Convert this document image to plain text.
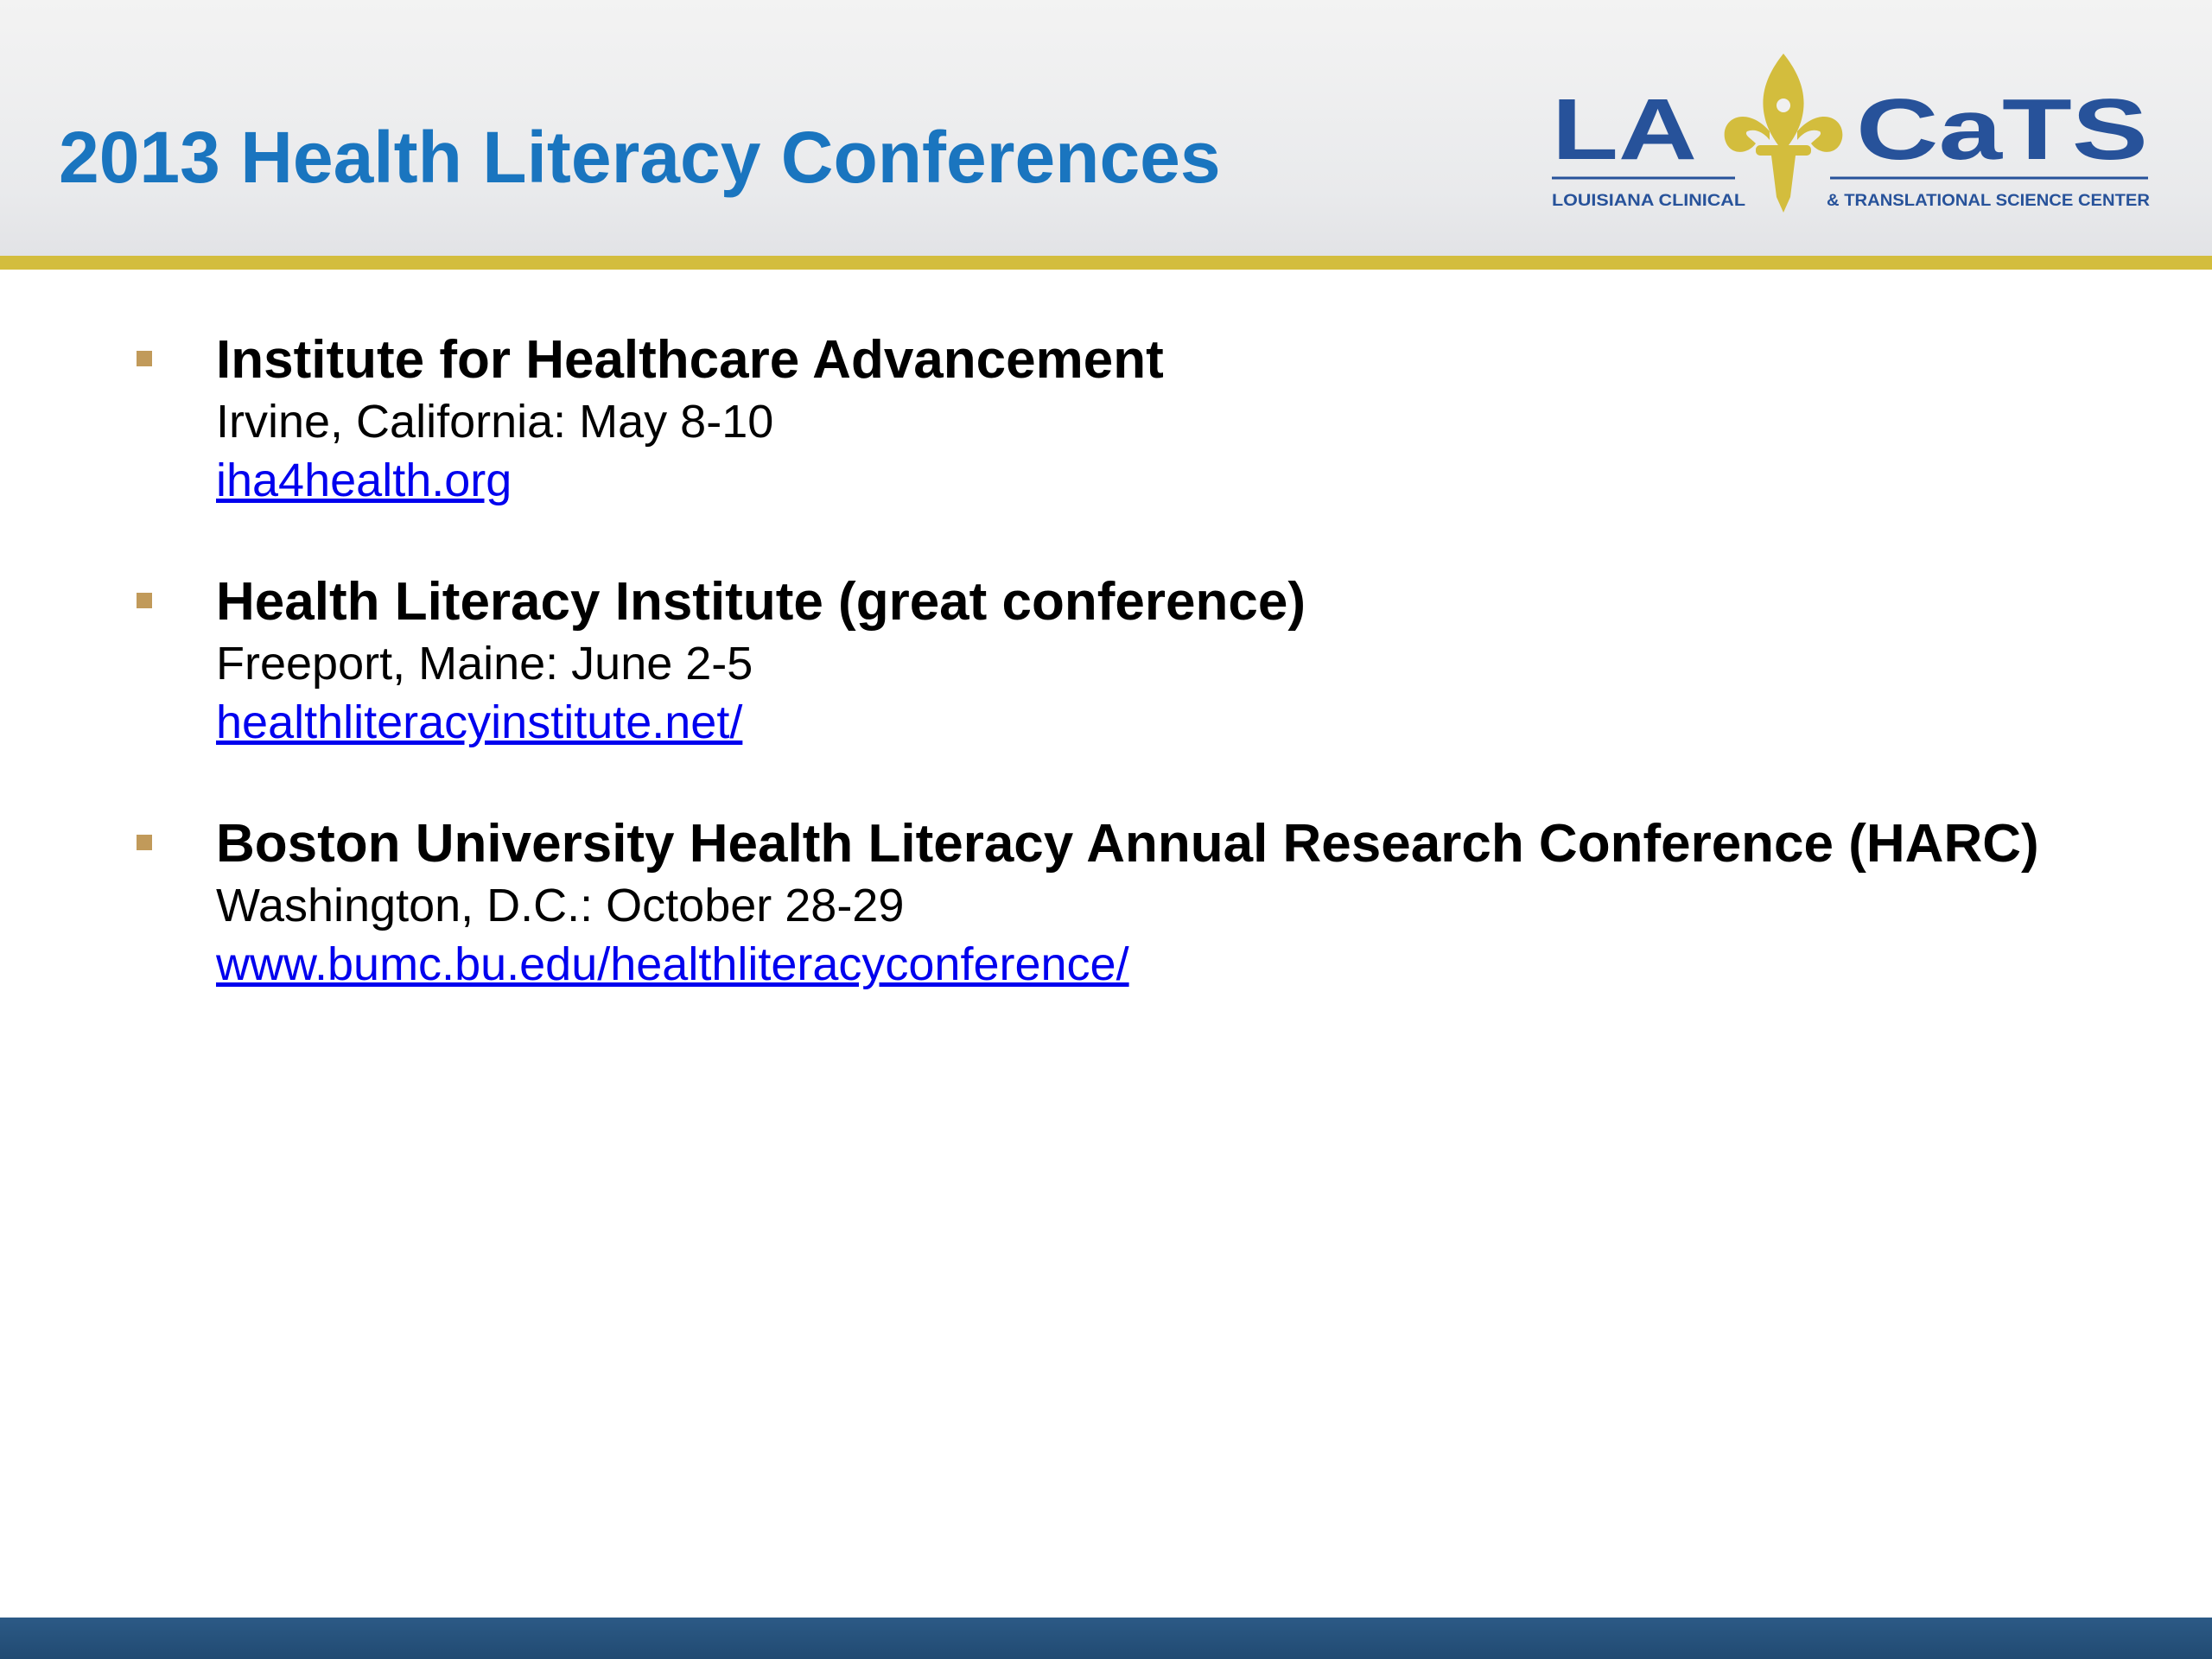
2013 Health Literacy Conferences	LA CaTS
LOUISIANA CLINICAL	& TRANSLATIONAL SCIENCE CENTER
Institute for Healthcare Advancement
Irvine, California: May 8-10
iha4health.org
Health Literacy Institute (great conference)
Freeport, Maine: June 2-5
healthliteracyinstitute.net/
Boston University Health Literacy Annual Research Conference (HARC)
Washington, D.C.: October 28-29
www.bumc.bu.edu/healthliteracyconference/
